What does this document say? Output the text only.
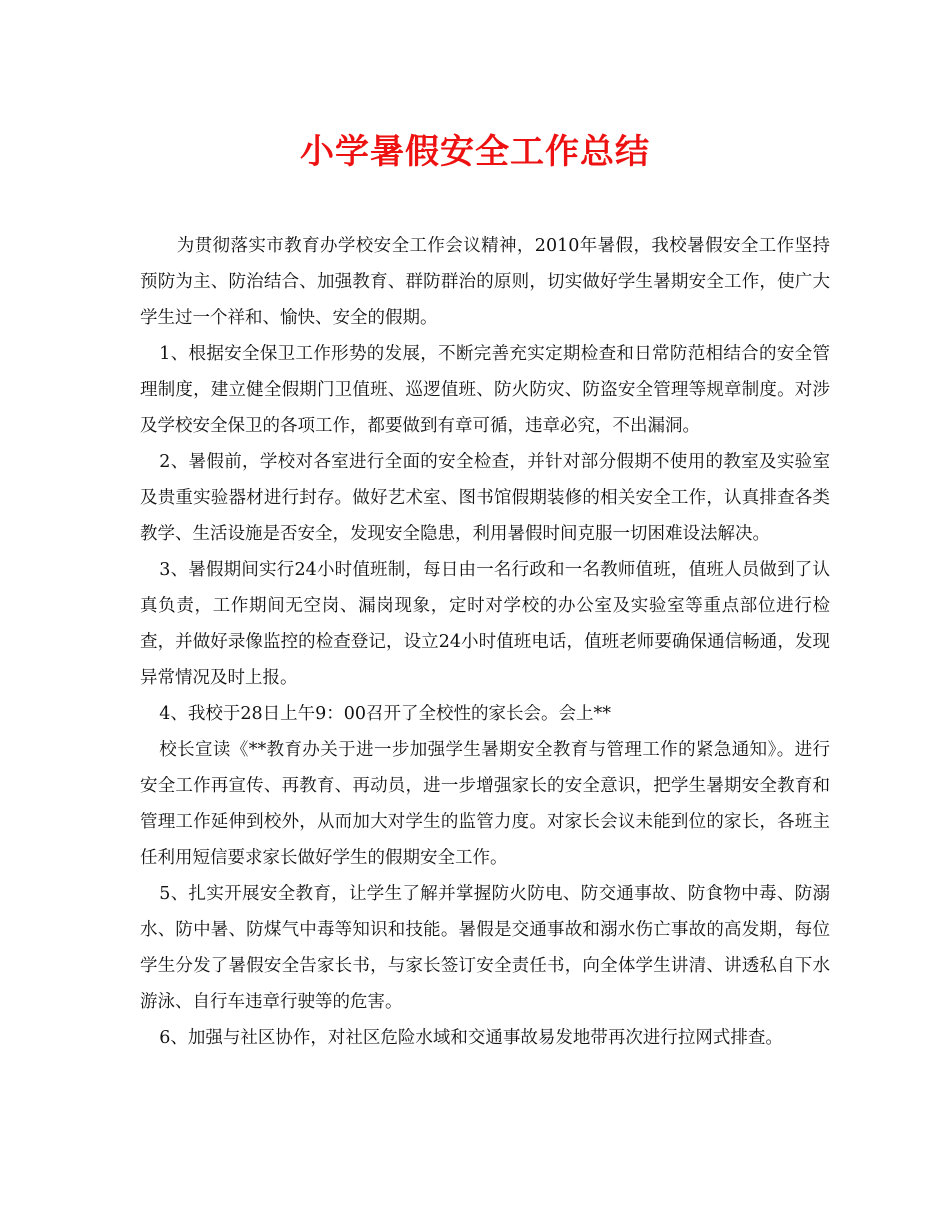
小学暑假安全工作总结

为贯彻落实市教育办学校安全工作会议精神，2010年暑假，我校暑假安全工作坚持预防为主、防治结合、加强教育、群防群治的原则，切实做好学生暑期安全工作，使广大学生过一个祥和、愉快、安全的假期。

1、根据安全保卫工作形势的发展，不断完善充实定期检查和日常防范相结合的安全管理制度，建立健全假期门卫值班、巡逻值班、防火防灾、防盗安全管理等规章制度。对涉及学校安全保卫的各项工作，都要做到有章可循，违章必究，不出漏洞。

2、暑假前，学校对各室进行全面的安全检查，并针对部分假期不使用的教室及实验室及贵重实验器材进行封存。做好艺术室、图书馆假期装修的相关安全工作，认真排查各类教学、生活设施是否安全，发现安全隐患，利用暑假时间克服一切困难设法解决。

3、暑假期间实行24小时值班制，每日由一名行政和一名教师值班，值班人员做到了认真负责，工作期间无空岗、漏岗现象，定时对学校的办公室及实验室等重点部位进行检查，并做好录像监控的检查登记，设立24小时值班电话，值班老师要确保通信畅通，发现异常情况及时上报。

4、我校于28日上午9：00召开了全校性的家长会。会上**

校长宣读《**教育办关于进一步加强学生暑期安全教育与管理工作的紧急通知》。进行安全工作再宣传、再教育、再动员，进一步增强家长的安全意识，把学生暑期安全教育和管理工作延伸到校外，从而加大对学生的监管力度。对家长会议未能到位的家长，各班主任利用短信要求家长做好学生的假期安全工作。

5、扎实开展安全教育，让学生了解并掌握防火防电、防交通事故、防食物中毒、防溺水、防中暑、防煤气中毒等知识和技能。暑假是交通事故和溺水伤亡事故的高发期，每位学生分发了暑假安全告家长书，与家长签订安全责任书，向全体学生讲清、讲透私自下水游泳、自行车违章行驶等的危害。

6、加强与社区协作，对社区危险水域和交通事故易发地带再次进行拉网式排查。
